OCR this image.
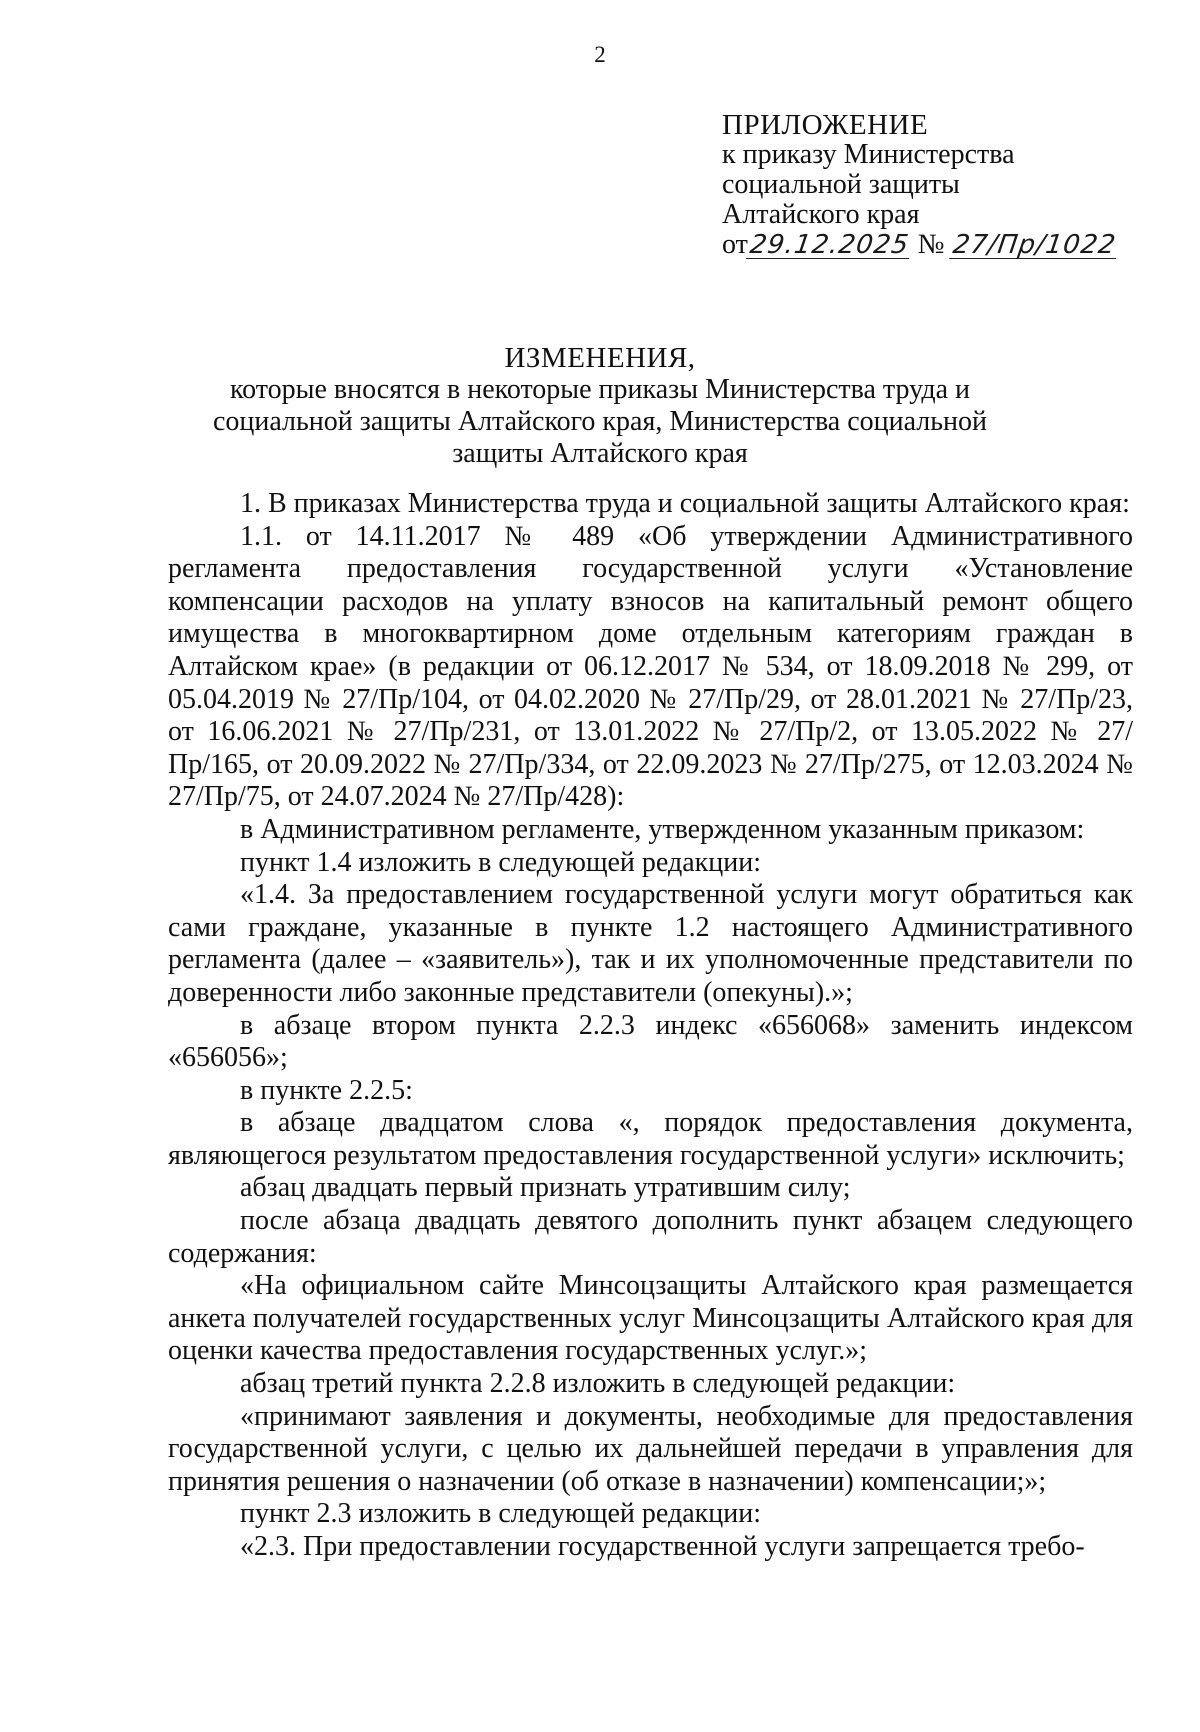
2
ПРИЛОЖЕНИЕ
к приказу Министерства
социальной защиты
Алтайского края
от29.12.2025 № 27/Пр/1022
ИЗМЕНЕНИЯ,
которые вносятся в некоторые приказы Министерства труда и
социальной защиты Алтайского края, Министерства социальной
защиты Алтайского края

1. В приказах Министерства труда и социальной защиты Алтайского края:

1.1. от 14.11.2017 № 489 «Об утверждении Административного регламента предоставления государственной услуги «Установление компенсации расходов на уплату взносов на капитальный ремонт общего имущества в многоквартирном доме отдельным категориям граждан в Алтайском крае» (в редакции от 06.12.2017 № 534, от 18.09.2018 № 299, от 05.04.2019 № 27/Пр/104, от 04.02.2020 № 27/Пр/29, от 28.01.2021 № 27/Пр/23, от 16.06.2021 № 27/Пр/231, от 13.01.2022 № 27/Пр/2, от 13.05.2022 № 27/Пр/165, от 20.09.2022 № 27/Пр/334, от 22.09.2023 № 27/Пр/275, от 12.03.2024 № 27/Пр/75, от 24.07.2024 № 27/Пр/428):

в Административном регламенте, утвержденном указанным приказом:

пункт 1.4 изложить в следующей редакции:

«1.4. За предоставлением государственной услуги могут обратиться как сами граждане, указанные в пункте 1.2 настоящего Административного регламента (далее – «заявитель»), так и их уполномоченные представители по доверенности либо законные представители (опекуны).»;

в абзаце втором пункта 2.2.3 индекс «656068» заменить индексом «656056»;

в пункте 2.2.5:

в абзаце двадцатом слова «, порядок предоставления документа, являющегося результатом предоставления государственной услуги» исключить;

абзац двадцать первый признать утратившим силу;

после абзаца двадцать девятого дополнить пункт абзацем следующего содержания:

«На официальном сайте Минсоцзащиты Алтайского края размещается анкета получателей государственных услуг Минсоцзащиты Алтайского края для оценки качества предоставления государственных услуг.»;

абзац третий пункта 2.2.8 изложить в следующей редакции:

«принимают заявления и документы, необходимые для предоставления государственной услуги, с целью их дальнейшей передачи в управления для принятия решения о назначении (об отказе в назначении) компенсации;»;

пункт 2.3 изложить в следующей редакции:

«2.3. При предоставлении государственной услуги запрещается требо-
